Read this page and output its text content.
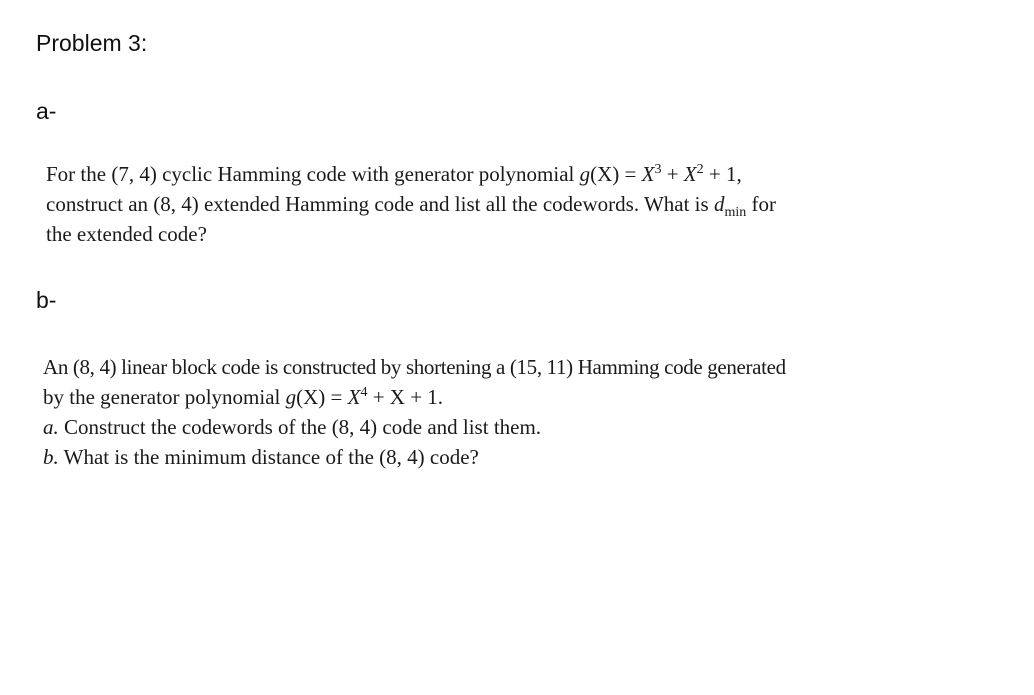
Problem 3:
a-
For the (7, 4) cyclic Hamming code with generator polynomial $g(X) = X^3 + X^2 + 1$,
construct an (8, 4) extended Hamming code and list all the codewords. What is $d_{min}$ for
the extended code?
b-
An (8, 4) linear block code is constructed by shortening a (15, 11) Hamming code generated
by the generator polynomial $g(X) = X^4 + X + 1$.
a. Construct the codewords of the (8, 4) code and list them.
b. What is the minimum distance of the (8, 4) code?
